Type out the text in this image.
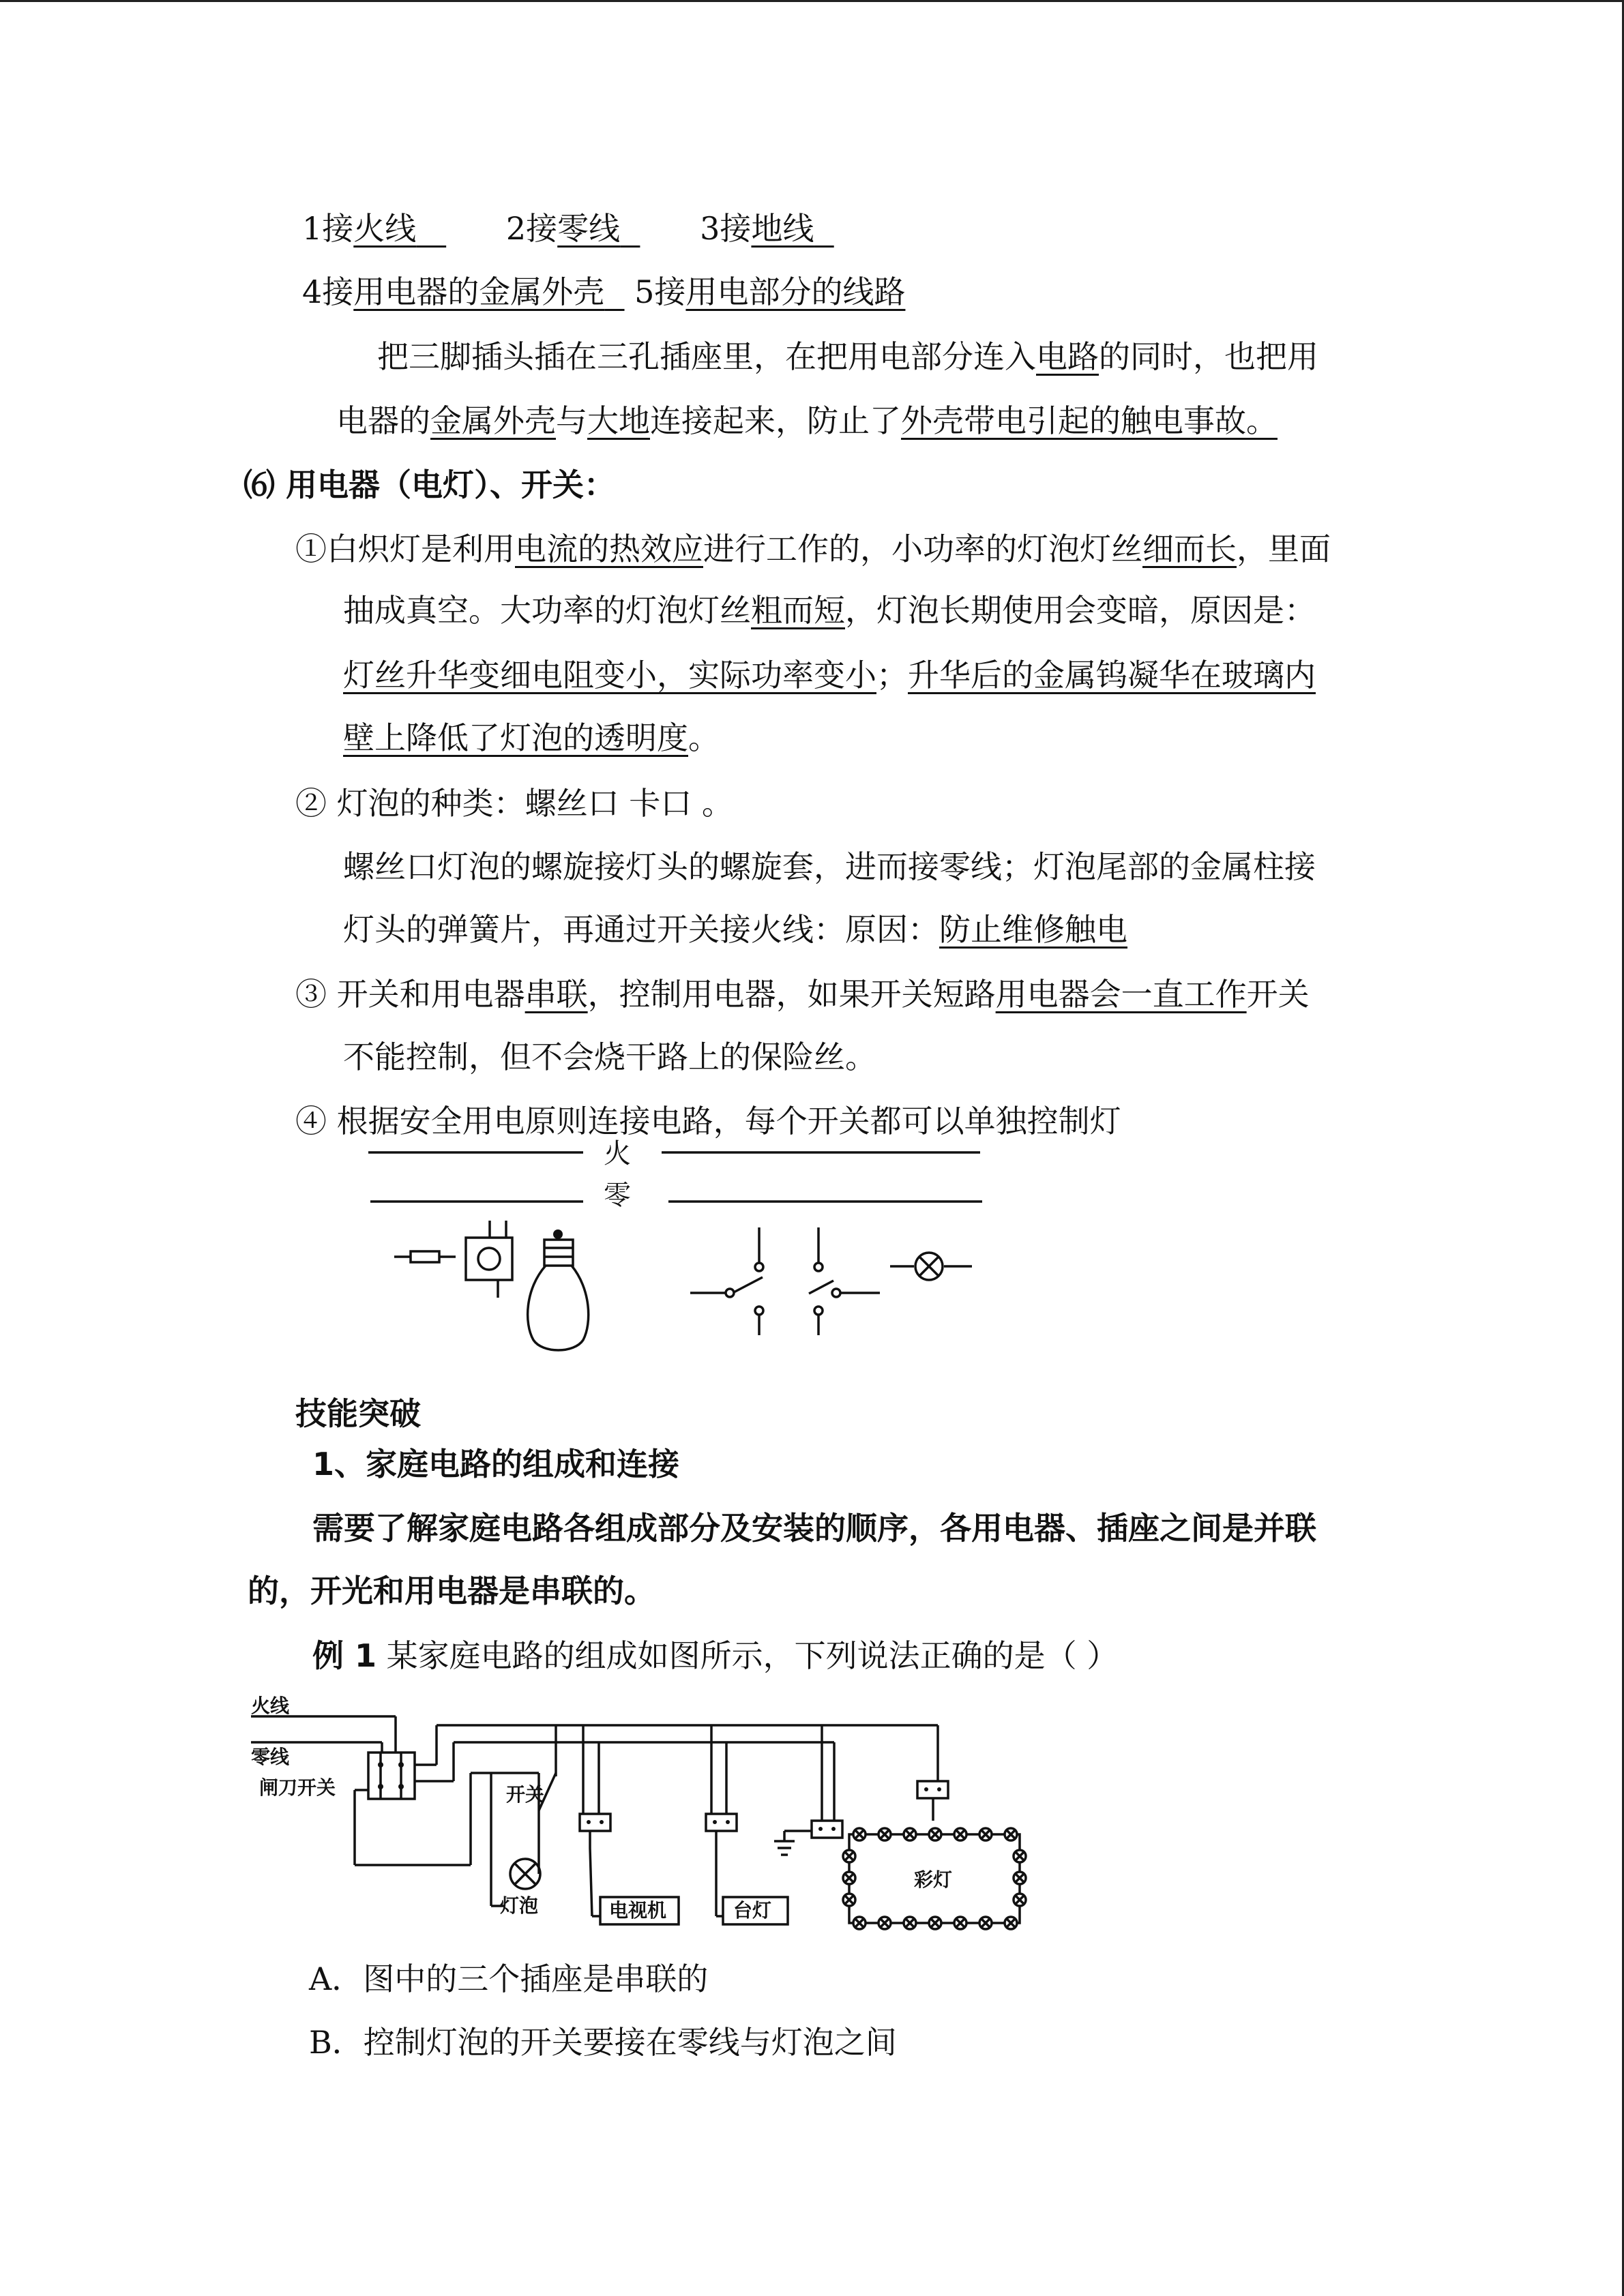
1接火线	2接零线	3接地线
4接用电器的金属外壳 5接用电部分的线路
把三脚插头插在三孔插座里，在把用电部分连入电路的同时，也把用
电器的金属外壳与大地连接起来，防止了外壳带电引起的触电事故。
⑹ 用电器（电灯）、开关：
①白炽灯是利用电流的热效应进行工作的，小功率的灯泡灯丝细而长，里面
抽成真空。大功率的灯泡灯丝粗而短，灯泡长期使用会变暗，原因是：
灯丝升华变细电阻变小，实际功率变小；升华后的金属钨凝华在玻璃内
壁上降低了灯泡的透明度。
② 灯泡的种类：螺丝口 卡口 。
螺丝口灯泡的螺旋接灯头的螺旋套，进而接零线；灯泡尾部的金属柱接
灯头的弹簧片，再通过开关接火线：原因：防止维修触电
③ 开关和用电器串联，控制用电器，如果开关短路用电器会一直工作开关
不能控制，但不会烧干路上的保险丝。
④ 根据安全用电原则连接电路，每个开关都可以单独控制灯
火
零
技能突破
1、家庭电路的组成和连接
需要了解家庭电路各组成部分及安装的顺序，各用电器、插座之间是并联
的，开光和用电器是串联的。
例 1 某家庭电路的组成如图所示，下列说法正确的是（ ）
火线
零线
闸刀开关	开关
灯泡	电视机	台灯
彩灯
A．图中的三个插座是串联的
B．控制灯泡的开关要接在零线与灯泡之间
